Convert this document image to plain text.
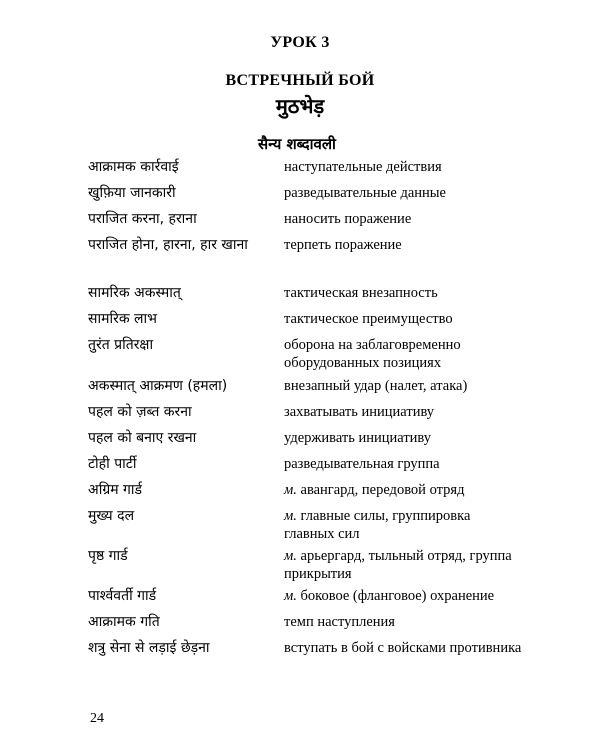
УРОК 3
ВСТРЕЧНЫЙ БОЙ
मुठभेड़
सैन्य शब्दावली
आक्रामक कार्रवाई	наступательные действия
खुफ़िया जानकारी	разведывательные данные
पराजित करना, हराना	наносить поражение
पराजित होना, हारना, हार खाना	терпеть поражение
सामरिक अकस्मात्	тактическая внезапность
सामरिक लाभ	тактическое преимущество
तुरंत प्रतिरक्षा	оборона на заблаговременно оборудованных позициях
अकस्मात् आक्रमण (हमला)	внезапный удар (налет, атака)
पहल को ज़ब्त करना	захватывать инициативу
पहल को बनाए रखना	удерживать инициативу
टोही पार्टी	разведывательная группа
अग्रिम गार्ड	м. авангард, передовой отряд
मुख्य दल	м. главные силы, группировка главных сил
पृष्ठ गार्ड	м. арьергард, тыльный отряд, группа прикрытия
पार्श्ववर्ती गार्ड	м. боковое (фланговое) охранение
आक्रामक गति	темп наступления
शत्रु सेना से लड़ाई छेड़ना	вступать в бой с войсками противника
24
